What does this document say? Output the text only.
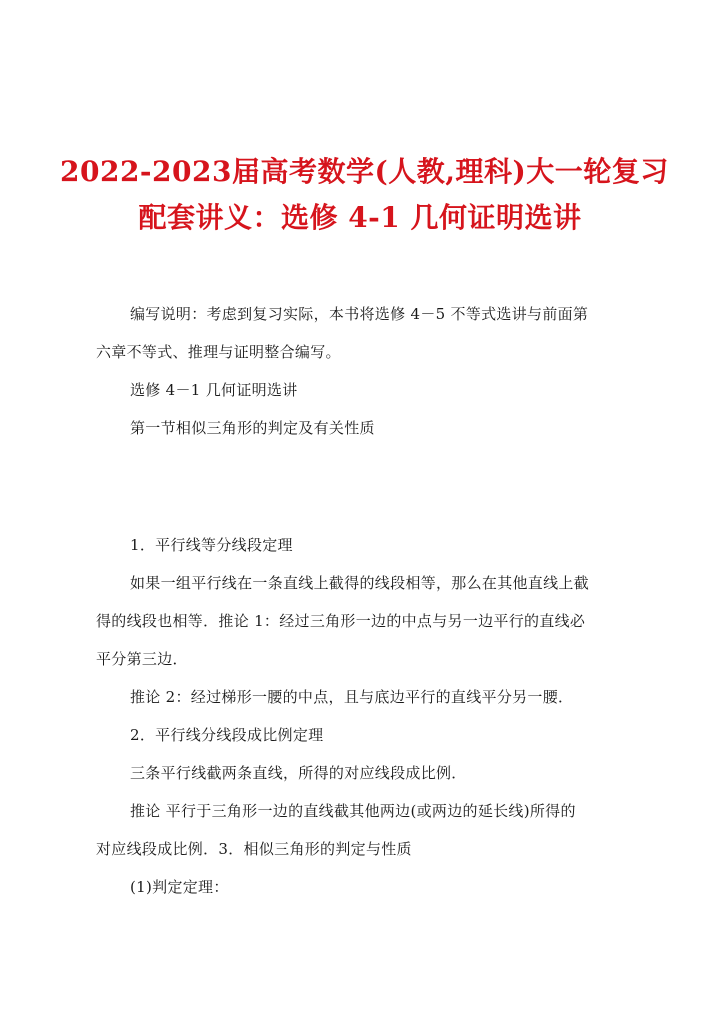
2022-2023届高考数学(人教,理科)大一轮复习
配套讲义：选修 4-1 几何证明选讲
编写说明：考虑到复习实际，本书将选修 4－5 不等式选讲与前面第
六章不等式、推理与证明整合编写。
选修 4－1 几何证明选讲
第一节相似三角形的判定及有关性质
1．平行线等分线段定理
如果一组平行线在一条直线上截得的线段相等，那么在其他直线上截
得的线段也相等．推论 1：经过三角形一边的中点与另一边平行的直线必
平分第三边．
推论 2：经过梯形一腰的中点，且与底边平行的直线平分另一腰．
2．平行线分线段成比例定理
三条平行线截两条直线，所得的对应线段成比例．
推论 平行于三角形一边的直线截其他两边(或两边的延长线)所得的
对应线段成比例．3．相似三角形的判定与性质
(1)判定定理：
